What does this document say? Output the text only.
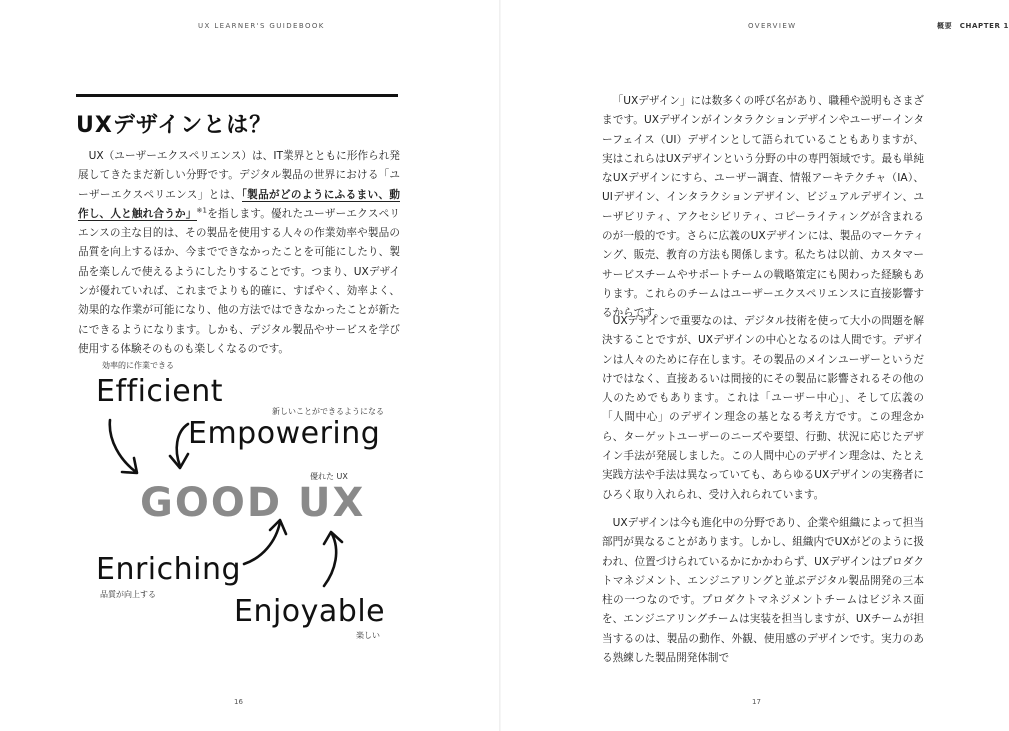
UX LEARNER'S GUIDEBOOK
UXデザインとは？
UX（ユーザーエクスペリエンス）は、IT業界とともに形作られ発展してきたまだ新しい分野です。デジタル製品の世界における「ユーザーエクスペリエンス」とは、「製品がどのようにふるまい、動作し、人と触れ合うか」$^{※1}$を指します。優れたユーザーエクスペリエンスの主な目的は、その製品を使用する人々の作業効率や製品の品質を向上するほか、今までできなかったことを可能にしたり、製品を楽しんで使えるようにしたりすることです。つまり、UXデザインが優れていれば、これまでよりも的確に、すばやく、効率よく、効果的な作業が可能になり、他の方法ではできなかったことが新たにできるようになります。しかも、デジタル製品やサービスを学び使用する体験そのものも楽しくなるのです。
効率的に作業できる
Efficient
新しいことができるようになる
Empowering
優れた UX
GOOD UX
Enriching
品質が向上する	Enjoyable
楽しい
16
OVERVIEW	概要　CHAPTER 1
「UXデザイン」には数多くの呼び名があり、職種や説明もさまざまです。UXデザインがインタラクションデザインやユーザーインターフェイス（UI）デザインとして語られていることもありますが、実はこれらはUXデザインという分野の中の専門領域です。最も単純なUXデザインにすら、ユーザー調査、情報アーキテクチャ（IA）、UIデザイン、インタラクションデザイン、ビジュアルデザイン、ユーザビリティ、アクセシビリティ、コピーライティングが含まれるのが一般的です。さらに広義のUXデザインには、製品のマーケティング、販売、教育の方法も関係します。私たちは以前、カスタマーサービスチームやサポートチームの戦略策定にも関わった経験もあります。これらのチームはユーザーエクスペリエンスに直接影響するからです。
UXデザインで重要なのは、デジタル技術を使って大小の問題を解決することですが、UXデザインの中心となるのは人間です。デザインは人々のために存在します。その製品のメインユーザーというだけではなく、直接あるいは間接的にその製品に影響されるその他の人のためでもあります。これは「ユーザー中心」、そして広義の「人間中心」のデザイン理念の基となる考え方です。この理念から、ターゲットユーザーのニーズや要望、行動、状況に応じたデザイン手法が発展しました。この人間中心のデザイン理念は、たとえ実践方法や手法は異なっていても、あらゆるUXデザインの実務者にひろく取り入れられ、受け入れられています。
UXデザインは今も進化中の分野であり、企業や組織によって担当部門が異なることがあります。しかし、組織内でUXがどのように扱われ、位置づけられているかにかかわらず、UXデザインはプロダクトマネジメント、エンジニアリングと並ぶデジタル製品開発の三本柱の一つなのです。プロダクトマネジメントチームはビジネス面を、エンジニアリングチームは実装を担当しますが、UXチームが担当するのは、製品の動作、外観、使用感のデザインです。実力のある熟練した製品開発体制で
17
